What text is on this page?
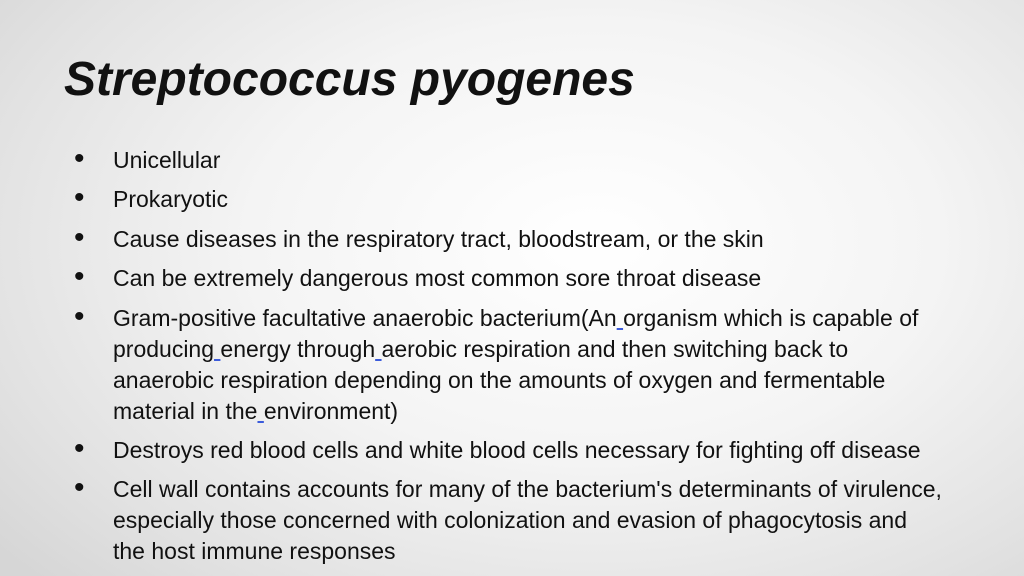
Streptococcus pyogenes
• Unicellular
• Prokaryotic
• Cause diseases in the respiratory tract, bloodstream, or the skin
• Can be extremely dangerous most common sore throat disease
• Gram-positive facultative anaerobic bacterium(An organism which is capable of producing energy through aerobic respiration and then switching back to anaerobic respiration depending on the amounts of oxygen and fermentable material in the environment)
• Destroys red blood cells and white blood cells necessary for fighting off disease
• Cell wall contains accounts for many of the bacterium's determinants of virulence, especially those concerned with colonization and evasion of phagocytosis and the host immune responses
